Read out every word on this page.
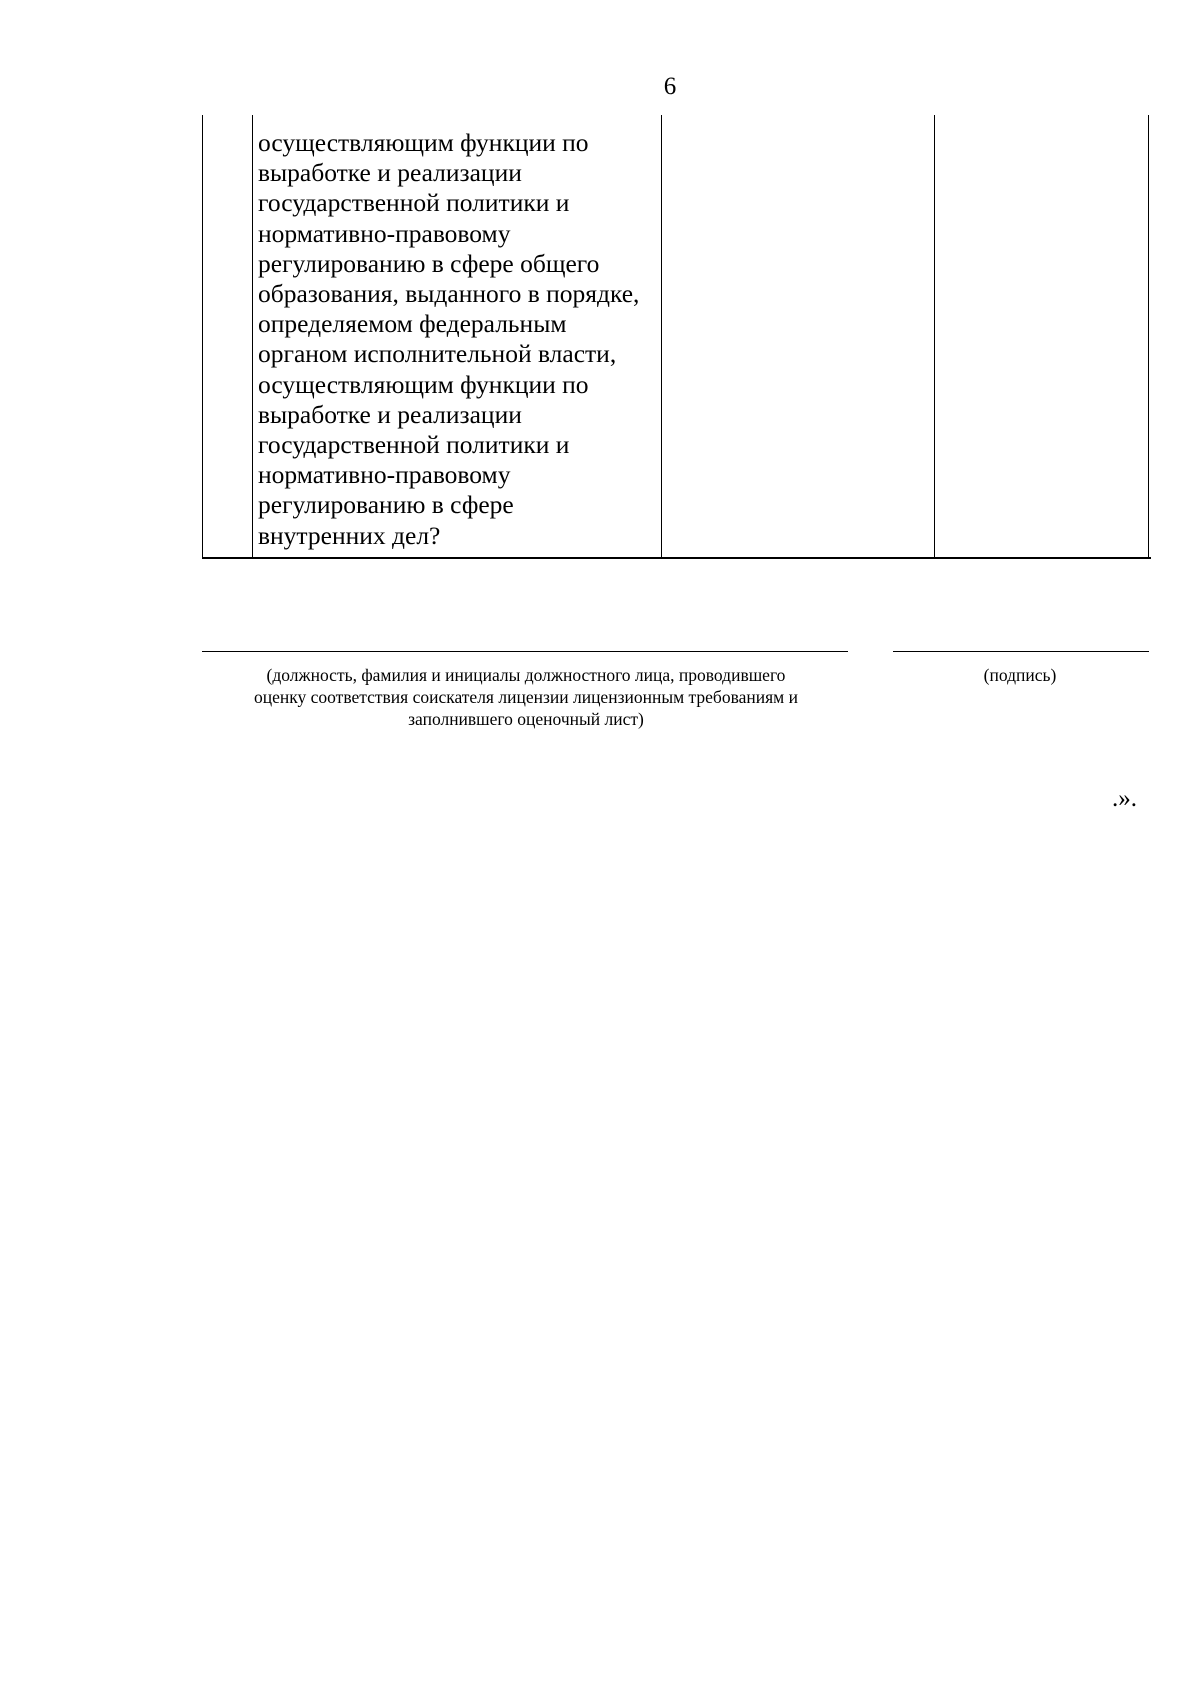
6
осуществляющим функции по
выработке и реализации
государственной политики и
нормативно-правовому
регулированию в сфере общего
образования, выданного в порядке,
определяемом федеральным
органом исполнительной власти,
осуществляющим функции по
выработке и реализации
государственной политики и
нормативно-правовому
регулированию в сфере
внутренних дел?
(должность, фамилия и инициалы должностного лица, проводившего
оценку соответствия соискателя лицензии лицензионным требованиям и
заполнившего оценочный лист)
(подпись)
.».
